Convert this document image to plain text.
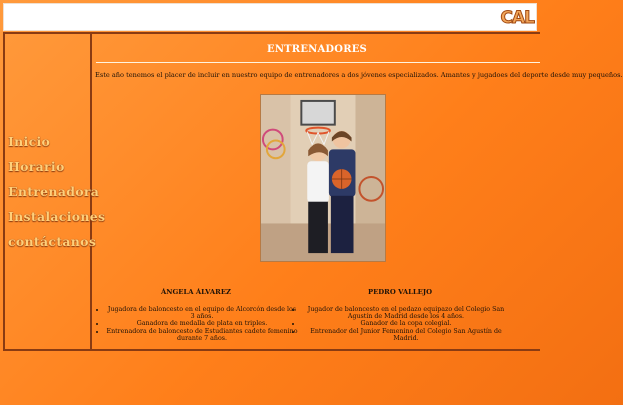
CAL
Inicio
Horario
Entrenadora
Instalaciones
contáctanos
ENTRENADORES
Este año tenemos el placer de incluir en nuestro equipo de entrenadores a dos jóvenes especializados. Amantes y jugadoes del deporte desde muy pequeños.
ÁNGELA ÁLVAREZ
• Jugadora de baloncesto en el equipo de Alcorcón desde los 3 años.
• Ganadora de medalla de plata en triples.
• Entrenadora de baloncesto de Estudiantes cadete femenino durante 7 años.
PEDRO VALLEJO
• Jugador de baloncesto en el pedazo equipazo del Colegio San Agustín de Madrid desde los 4 años.
• Ganador de la copa colegial.
• Entrenador del Junior Femenino del Colegio San Agustín de Madrid.
